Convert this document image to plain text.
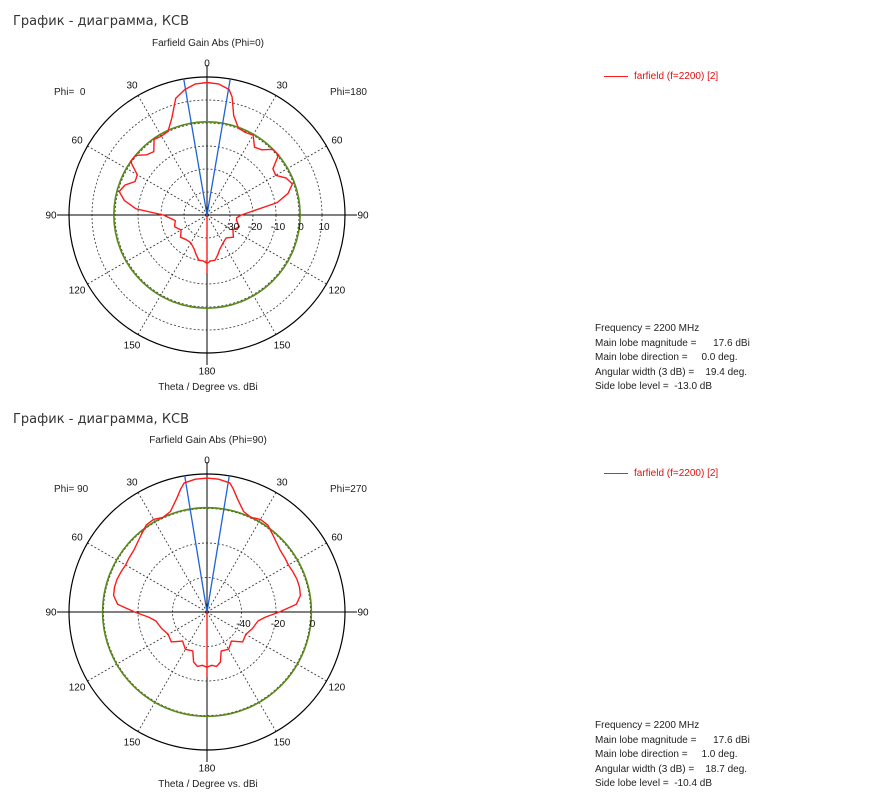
График - диаграмма, КСВ
Farfield Gain Abs (Phi=0)
Phi=  0	Phi=180
0
30
60
90
120
150
180
150
120
90
60
30
-30 -20 -10 0 10
Theta / Degree vs. dBi
farfield (f=2200) [2]
Frequency = 2200 MHz
Main lobe magnitude =      17.6 dBi
Main lobe direction =     0.0 deg.
Angular width (3 dB) =    19.4 deg.
Side lobe level =  -13.0 dB
График - диаграмма, КСВ
Farfield Gain Abs (Phi=90)
Phi= 90	Phi=270
0
30
60
90
120
150
180
150
120
90
60
30
-40 -20 0
Theta / Degree vs. dBi
farfield (f=2200) [2]
Frequency = 2200 MHz
Main lobe magnitude =      17.6 dBi
Main lobe direction =     1.0 deg.
Angular width (3 dB) =    18.7 deg.
Side lobe level =  -10.4 dB
